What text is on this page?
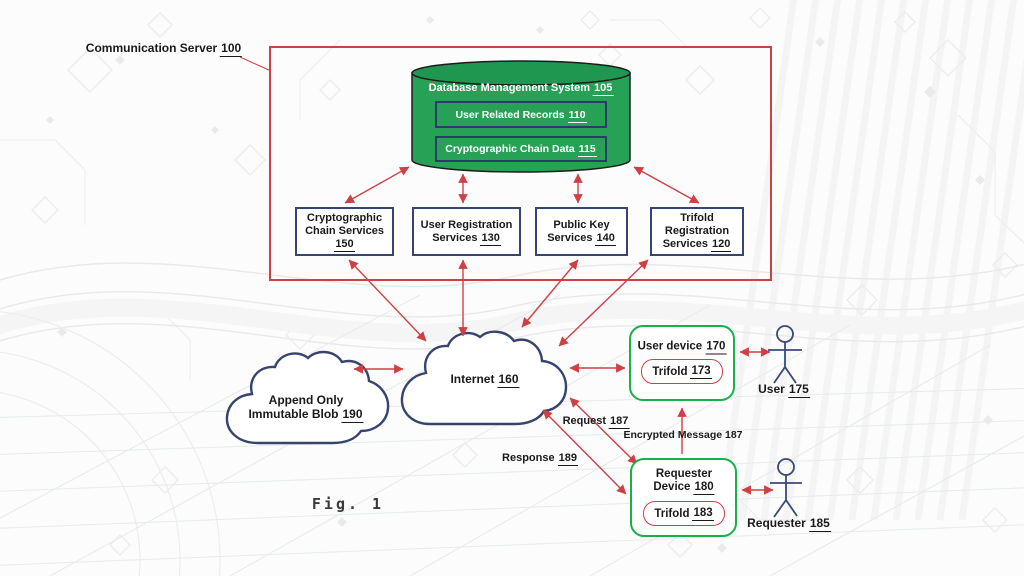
Communication Server 100
Database Management System 105
User Related Records 110
Cryptographic Chain Data 115
Cryptographic
Chain Services
150
User Registration
Services 130
Public Key
Services 140
Trifold
Registration
Services 120
Append Only
Immutable Blob 190
Internet 160
User device 170
Trifold 173
Requester
Device 180
Trifold 183
User 175
Requester 185
Request 187
Encrypted Message 187
Response 189
Fig. 1
